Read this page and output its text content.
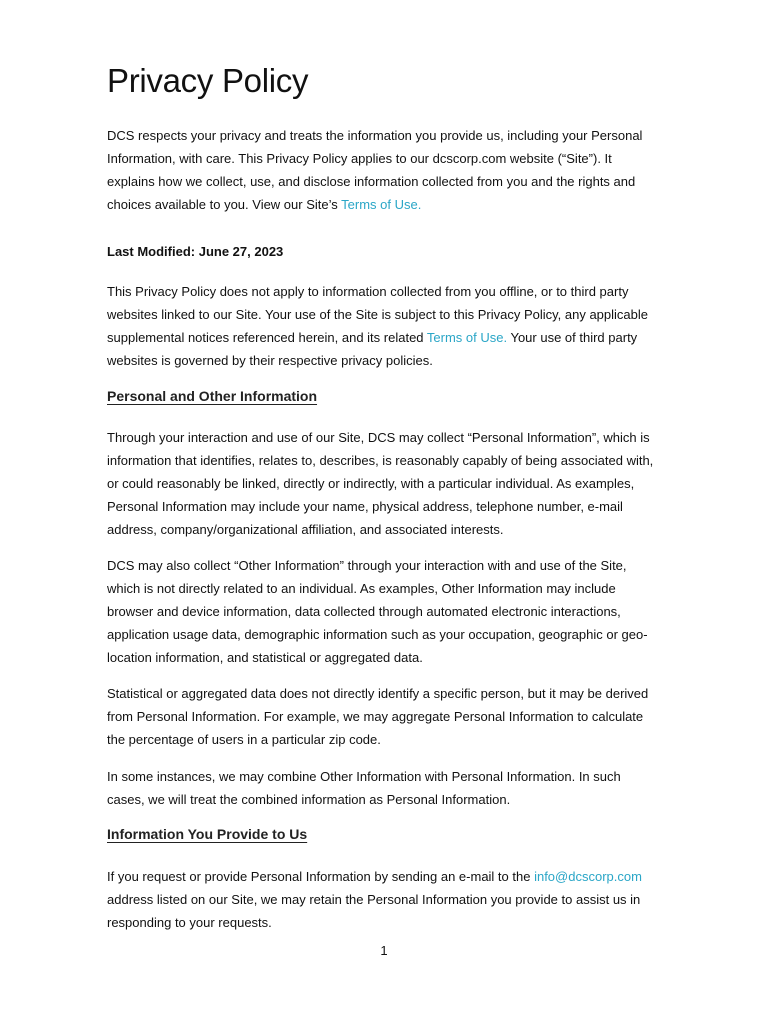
Privacy Policy
DCS respects your privacy and treats the information you provide us, including your Personal
Information, with care. This Privacy Policy applies to our dcscorp.com website (“Site”). It
explains how we collect, use, and disclose information collected from you and the rights and
choices available to you. View our Site’s Terms of Use.

Last Modified: June 27, 2023

This Privacy Policy does not apply to information collected from you offline, or to third party
websites linked to our Site. Your use of the Site is subject to this Privacy Policy, any applicable
supplemental notices referenced herein, and its related Terms of Use. Your use of third party
websites is governed by their respective privacy policies.
Personal and Other Information
Through your interaction and use of our Site, DCS may collect “Personal Information”, which is
information that identifies, relates to, describes, is reasonably capably of being associated with,
or could reasonably be linked, directly or indirectly, with a particular individual. As examples,
Personal Information may include your name, physical address, telephone number, e-mail
address, company/organizational affiliation, and associated interests.
DCS may also collect “Other Information” through your interaction with and use of the Site,
which is not directly related to an individual. As examples, Other Information may include
browser and device information, data collected through automated electronic interactions,
application usage data, demographic information such as your occupation, geographic or geo-
location information, and statistical or aggregated data.
Statistical or aggregated data does not directly identify a specific person, but it may be derived
from Personal Information. For example, we may aggregate Personal Information to calculate
the percentage of users in a particular zip code.
In some instances, we may combine Other Information with Personal Information. In such
cases, we will treat the combined information as Personal Information.
Information You Provide to Us
If you request or provide Personal Information by sending an e-mail to the info@dcscorp.com
address listed on our Site, we may retain the Personal Information you provide to assist us in
responding to your requests.

1
